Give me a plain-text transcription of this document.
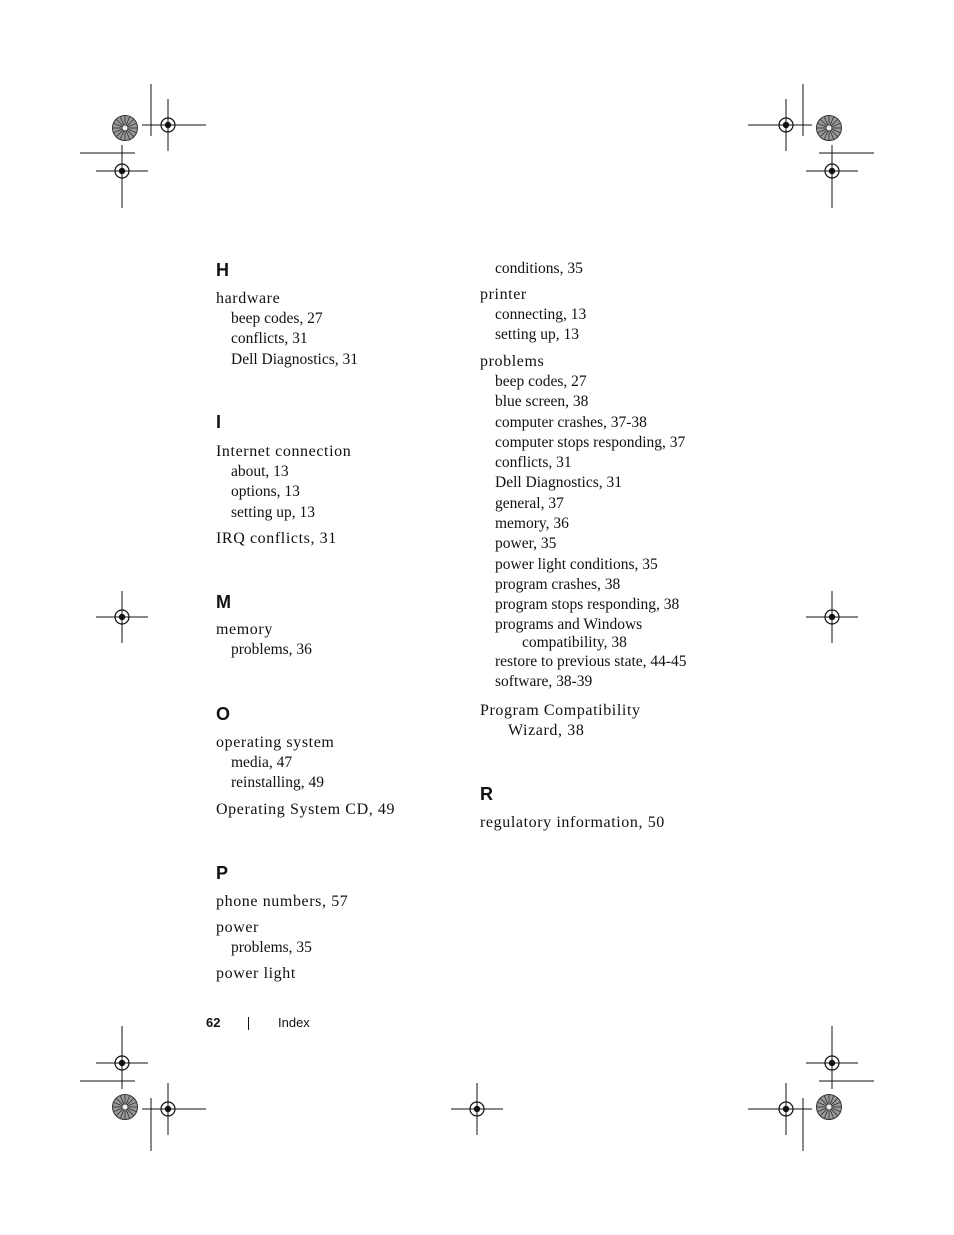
H

hardware

beep codes, 27

conflicts, 31

Dell Diagnostics, 31

I

Internet connection

about, 13

options, 13

setting up, 13

IRQ conflicts, 31

M

memory

problems, 36

O

operating system

media, 47

reinstalling, 49

Operating System CD, 49

P

phone numbers, 57

power

problems, 35

power light

conditions, 35

printer

connecting, 13

setting up, 13

problems

beep codes, 27

blue screen, 38

computer crashes, 37-38

computer stops responding, 37

conflicts, 31

Dell Diagnostics, 31

general, 37

memory, 36

power, 35

power light conditions, 35

program crashes, 38

program stops responding, 38

programs and Windows

compatibility, 38

restore to previous state, 44-45

software, 38-39

Program Compatibility

Wizard, 38

R

regulatory information, 50

62	Index
